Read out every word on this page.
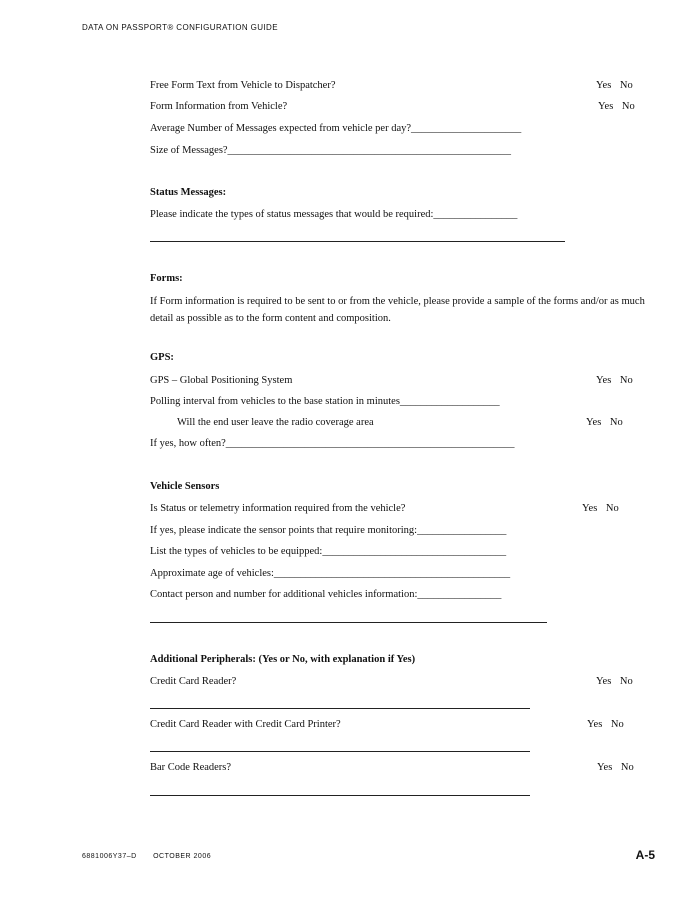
DATA ON PASSPORT® CONFIGURATION GUIDE
Free Form Text from Vehicle to Dispatcher?	Yes No
Form Information from Vehicle?	Yes No
Average Number of Messages expected from vehicle per day?_____________________
Size of Messages?______________________________________________________
Status Messages:
Please indicate the types of status messages that would be required:________________
Forms:
If Form information is required to be sent to or from the vehicle, please provide a sample of the forms and/or as much detail as possible as to the form content and composition.
GPS:
GPS – Global Positioning System	Yes No
Polling interval from vehicles to the base station in minutes___________________
Will the end user leave the radio coverage area	Yes No
If yes, how often?_______________________________________________________
Vehicle Sensors
Is Status or telemetry information required from the vehicle?	Yes No
If yes, please indicate the sensor points that require monitoring:_________________
List the types of vehicles to be equipped:___________________________________
Approximate age of vehicles:_____________________________________________
Contact person and number for additional vehicles information:________________
Additional Peripherals: (Yes or No, with explanation if Yes)
Credit Card Reader?	Yes No
Credit Card Reader with Credit Card Printer?	Yes No
Bar Code Readers?	Yes No
6881006Y37–D OCTOBER 2006	A-5
